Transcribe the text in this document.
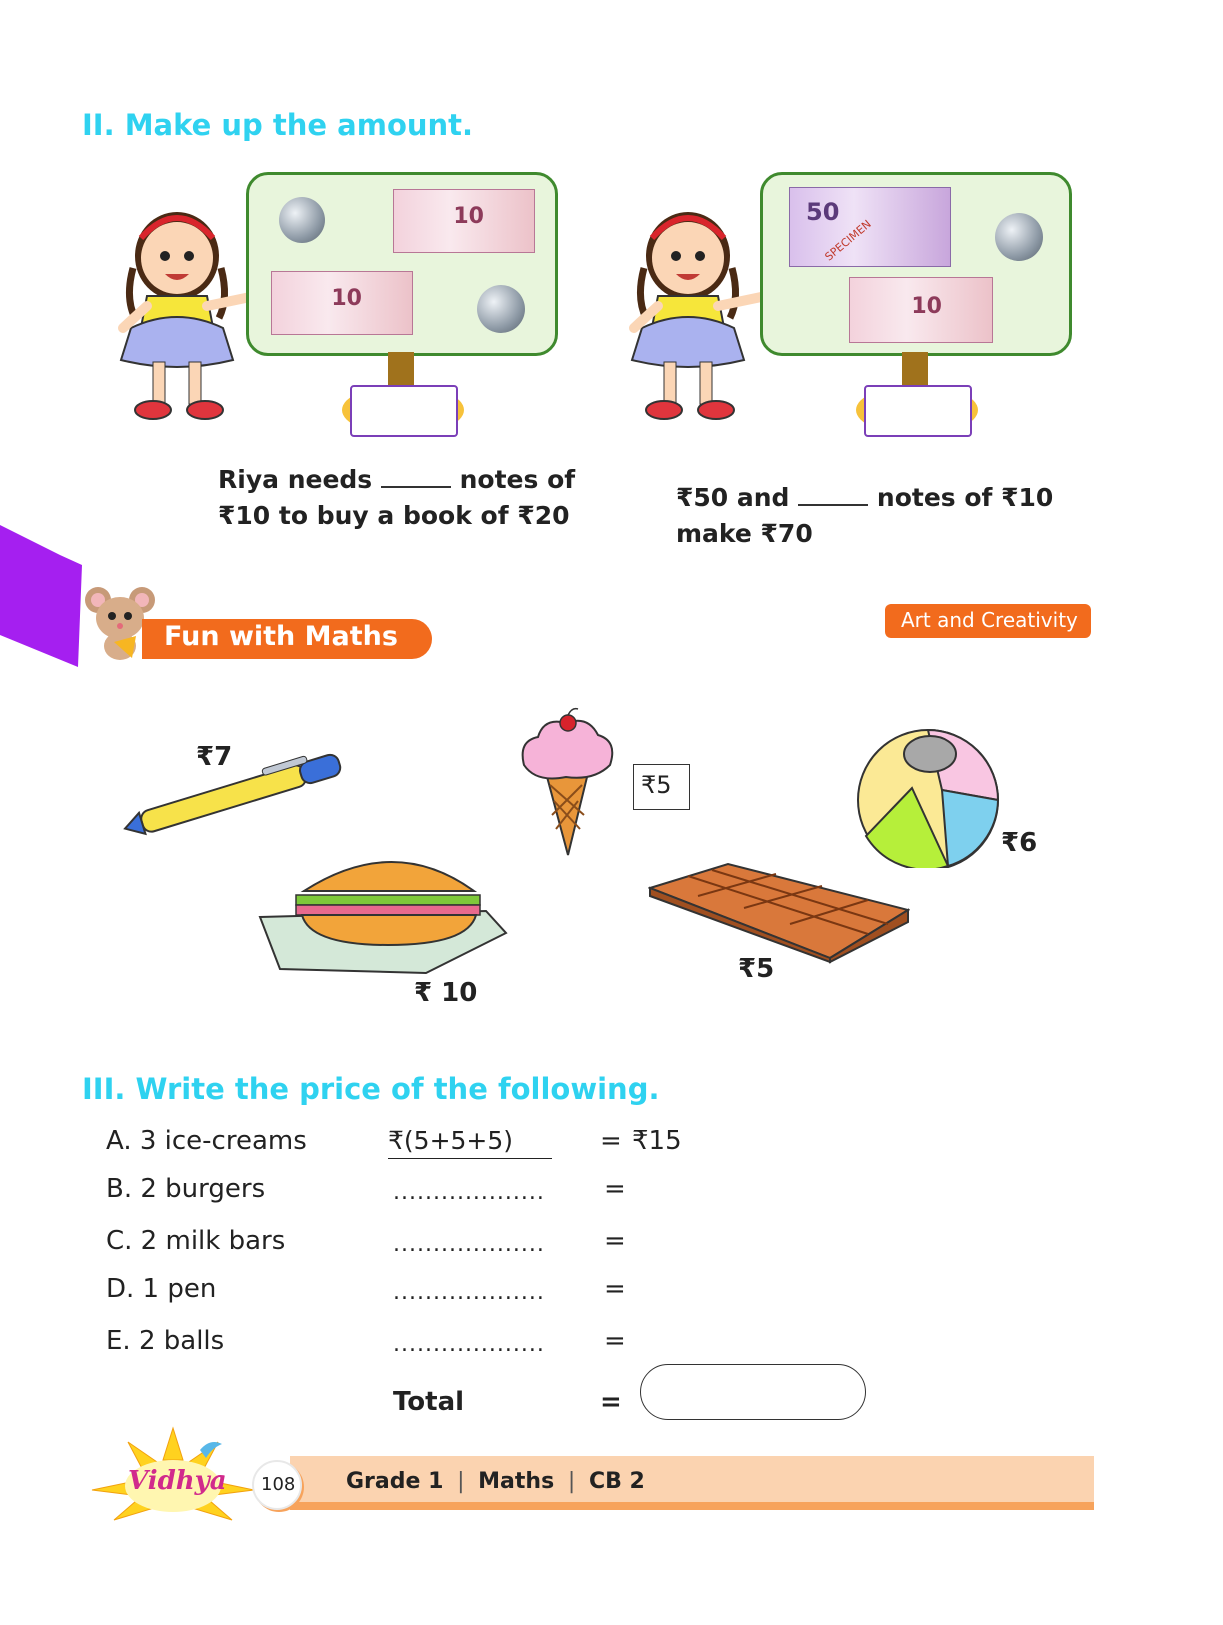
II. Make up the amount.
10
10
50
SPECIMEN
10
Riya needs	notes of
₹10 to buy a book of ₹20
₹50 and	notes of ₹10
make ₹70
Fun with Maths
Art and Creativity
₹7
₹5
₹6
₹ 10
₹5
III. Write the price of the following.
A. 3 ice-creams	₹(5+5+5)	= ₹15
B. 2 burgers	................... =
C. 2 milk bars	................... =
D. 1 pen	................... =
E. 2 balls	................... =
Total	=
Vidhya 108 Grade 1 | Maths | CB 2
